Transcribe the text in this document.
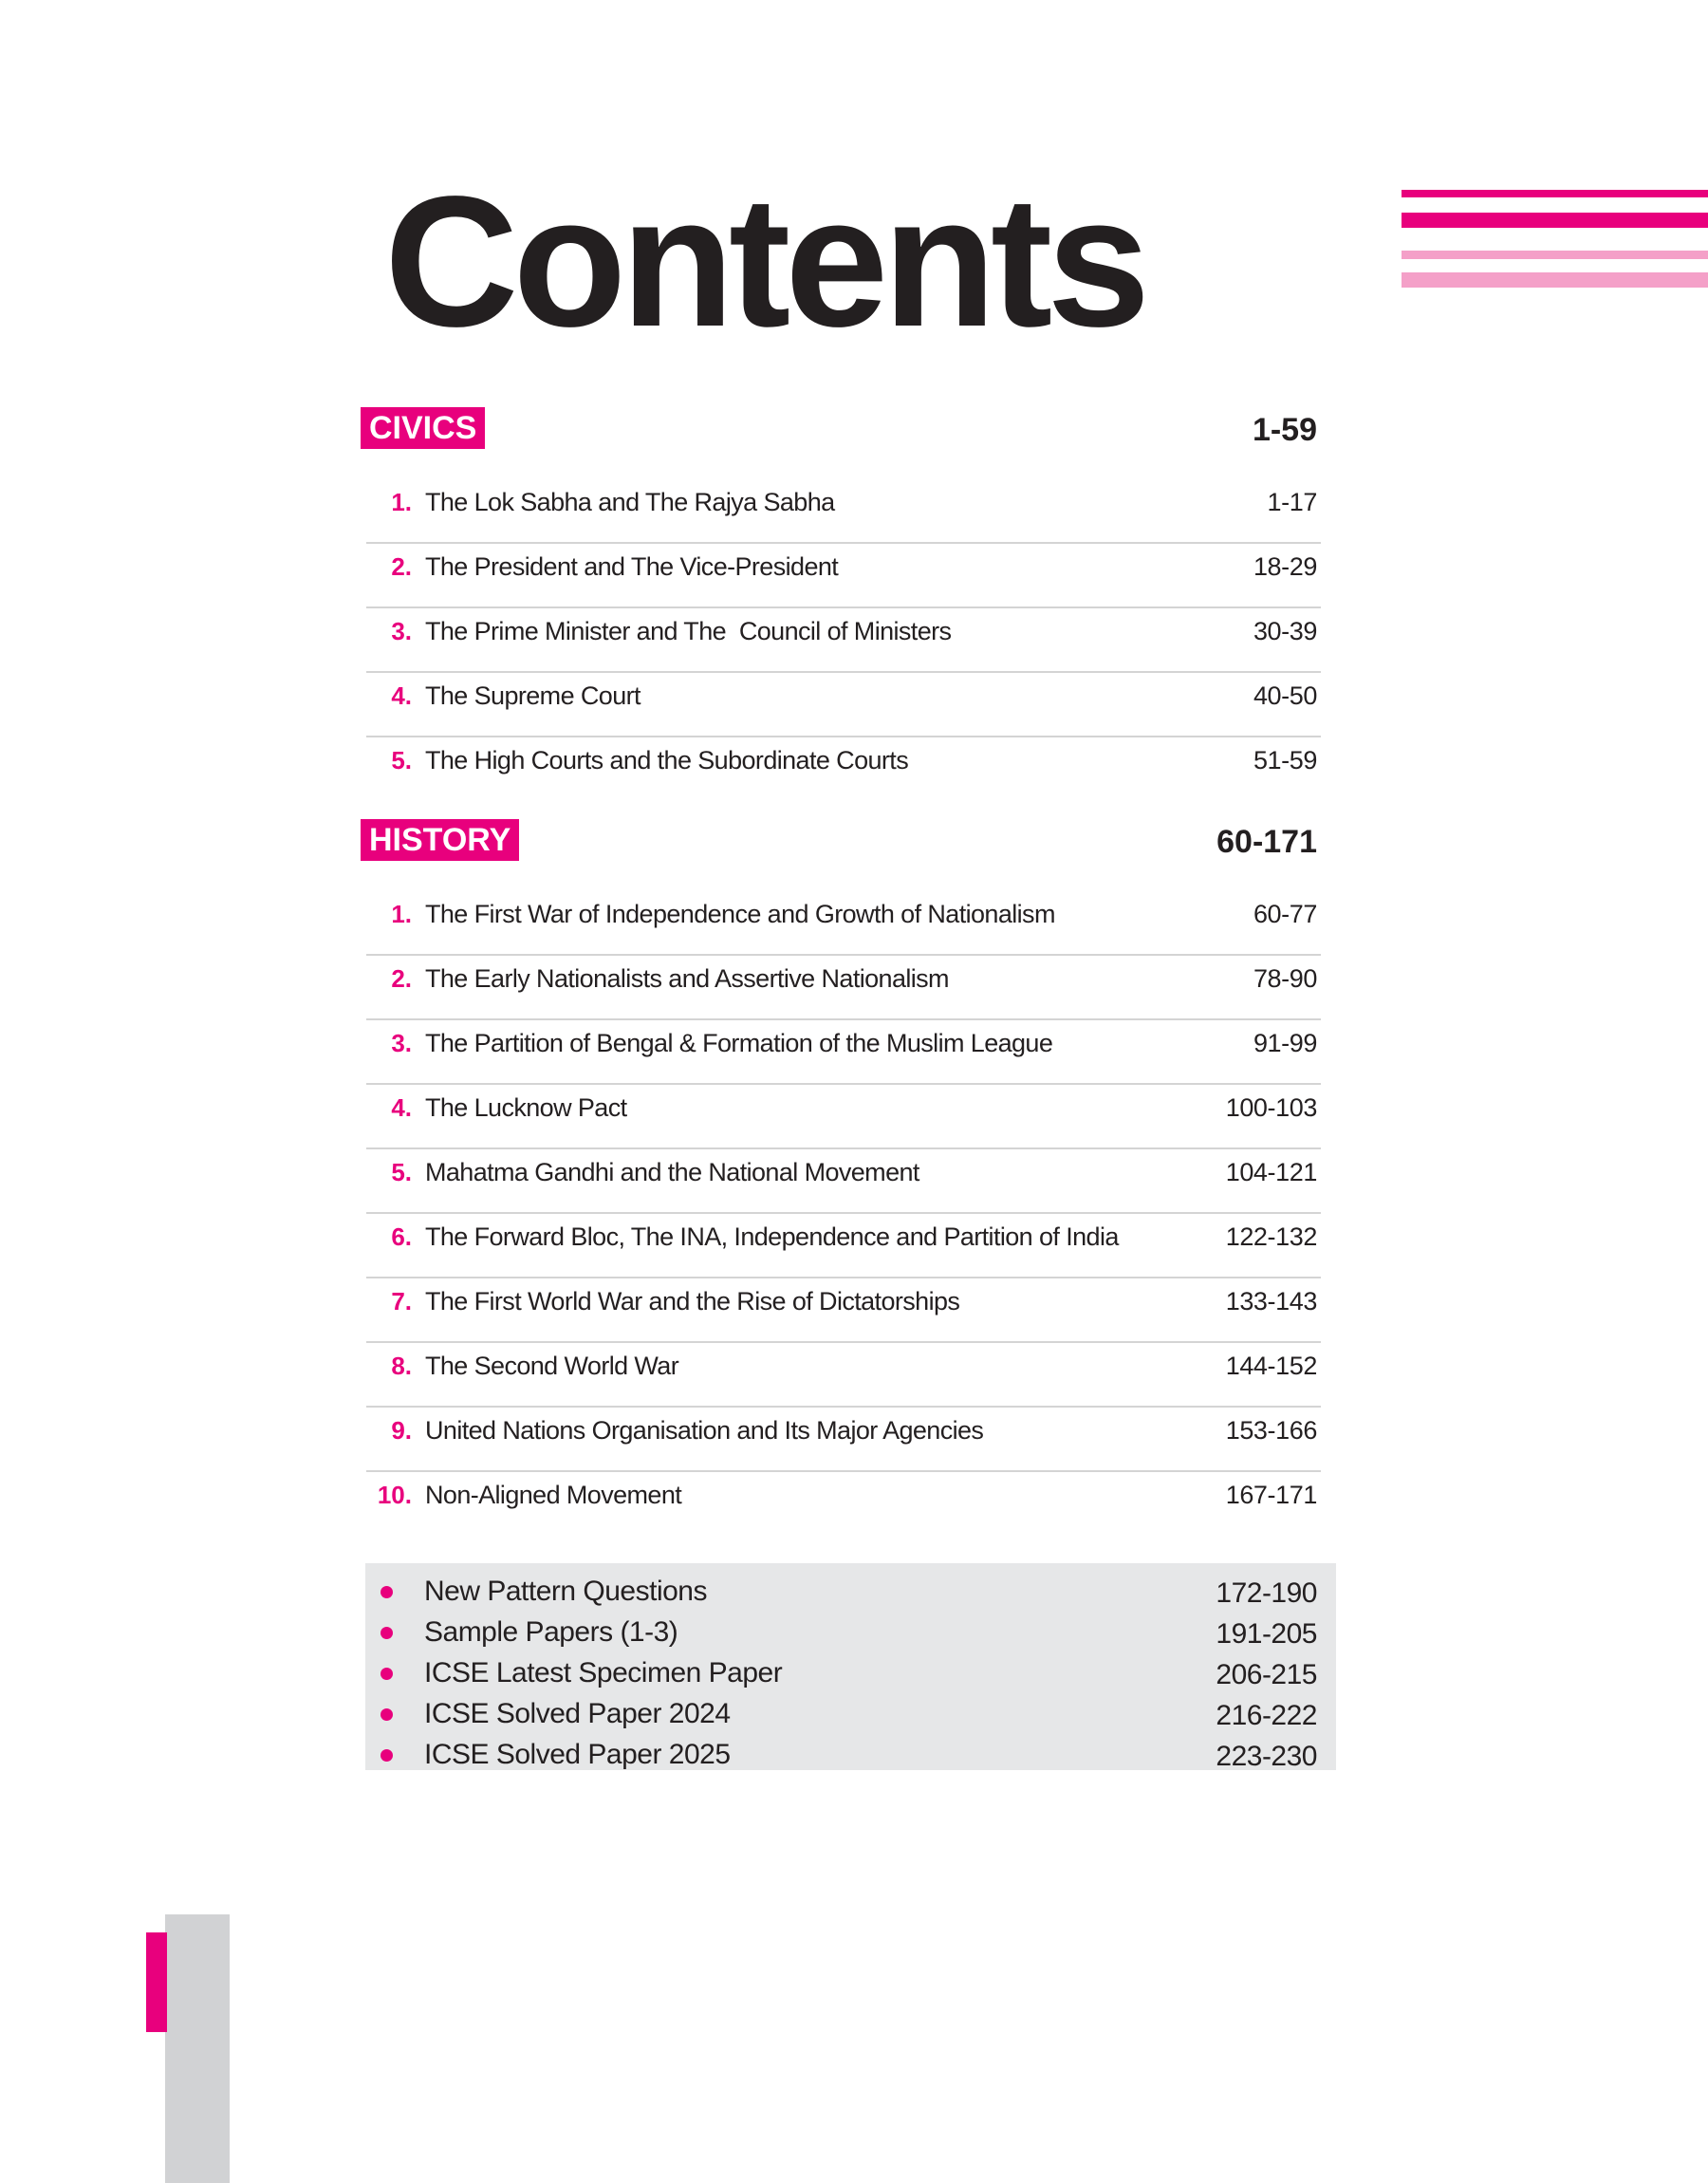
Contents
CIVICS	1-59
1. The Lok Sabha and The Rajya Sabha	1-17
2. The President and The Vice-President	18-29
3. The Prime Minister and The  Council of Ministers	30-39
4. The Supreme Court	40-50
5. The High Courts and the Subordinate Courts	51-59
HISTORY	60-171
1. The First War of Independence and Growth of Nationalism	60-77
2. The Early Nationalists and Assertive Nationalism	78-90
3. The Partition of Bengal & Formation of the Muslim League	91-99
4. The Lucknow Pact	100-103
5. Mahatma Gandhi and the National Movement	104-121
6. The Forward Bloc, The INA, Independence and Partition of India	122-132
7. The First World War and the Rise of Dictatorships	133-143
8. The Second World War	144-152
9. United Nations Organisation and Its Major Agencies	153-166
10. Non-Aligned Movement	167-171
New Pattern Questions	172-190
Sample Papers (1-3)	191-205
ICSE Latest Specimen Paper	206-215
ICSE Solved Paper 2024	216-222
ICSE Solved Paper 2025	223-230
